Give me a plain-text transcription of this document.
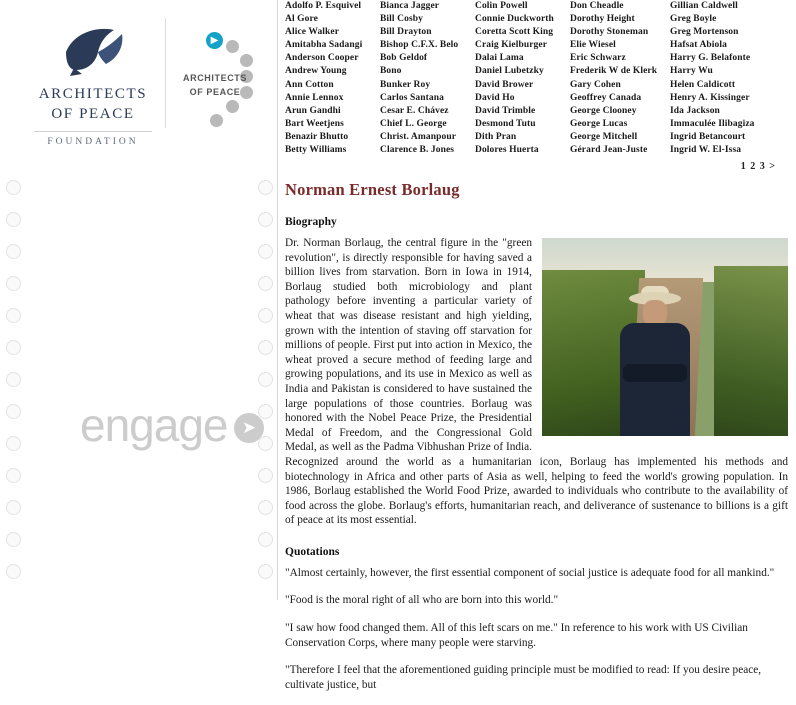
ARCHITECTS
OF PEACE
FOUNDATION
▶
ARCHITECTS OF PEACE
engage ➤
Adolfo P. Esquivel
Al Gore
Alice Walker
Amitabha Sadangi
Anderson Cooper
Andrew Young
Ann Cotton
Annie Lennox
Arun Gandhi
Bart Weetjens
Benazir Bhutto
Betty Williams
Bianca Jagger
Bill Cosby
Bill Drayton
Bishop C.F.X. Belo
Bob Geldof
Bono
Bunker Roy
Carlos Santana
Cesar E. Chávez
Chief L. George
Christ. Amanpour
Clarence B. Jones
Colin Powell
Connie Duckworth
Coretta Scott King
Craig Kielburger
Dalai Lama
Daniel Lubetzky
David Brower
David Ho
David Trimble
Desmond Tutu
Dith Pran
Dolores Huerta
Don Cheadle
Dorothy Height
Dorothy Stoneman
Elie Wiesel
Eric Schwarz
Frederik W de Klerk
Gary Cohen
Geoffrey Canada
George Clooney
George Lucas
George Mitchell
Gérard Jean-Juste
Gillian Caldwell
Greg Boyle
Greg Mortenson
Hafsat Abiola
Harry G. Belafonte
Harry Wu
Helen Caldicott
Henry A. Kissinger
Ida Jackson
Immaculée Ilibagiza
Ingrid Betancourt
Ingrid W. El-Issa
1 2 3 >
Norman Ernest Borlaug
Biography

Dr. Norman Borlaug, the central figure in the "green revolution", is directly responsible for having saved a billion lives from starvation. Born in Iowa in 1914, Borlaug studied both microbiology and plant pathology before inventing a particular variety of wheat that was disease resistant and high yielding, grown with the intention of staving off starvation for millions of people. First put into action in Mexico, the wheat proved a secure method of feeding large and growing populations, and its use in Mexico as well as India and Pakistan is considered to have sustained the large populations of those countries. Borlaug was honored with the Nobel Peace Prize, the Presidential Medal of Freedom, and the Congressional Gold Medal, as well as the Padma Vibhushan Prize of India. Recognized around the world as a humanitarian icon, Borlaug has implemented his methods and biotechnology in Africa and other parts of Asia as well, helping to feed the world's growing population. In 1986, Borlaug established the World Food Prize, awarded to individuals who contribute to the availability of food across the globe. Borlaug's efforts, humanitarian reach, and deliverance of sustenance to billions is a gift of peace at its most essential.

Quotations

"Almost certainly, however, the first essential component of social justice is adequate food for all mankind."

"Food is the moral right of all who are born into this world."

"I saw how food changed them. All of this left scars on me." In reference to his work with US Civilian Conservation Corps, where many people were starving.

"Therefore I feel that the aforementioned guiding principle must be modified to read: If you desire peace, cultivate justice, but
